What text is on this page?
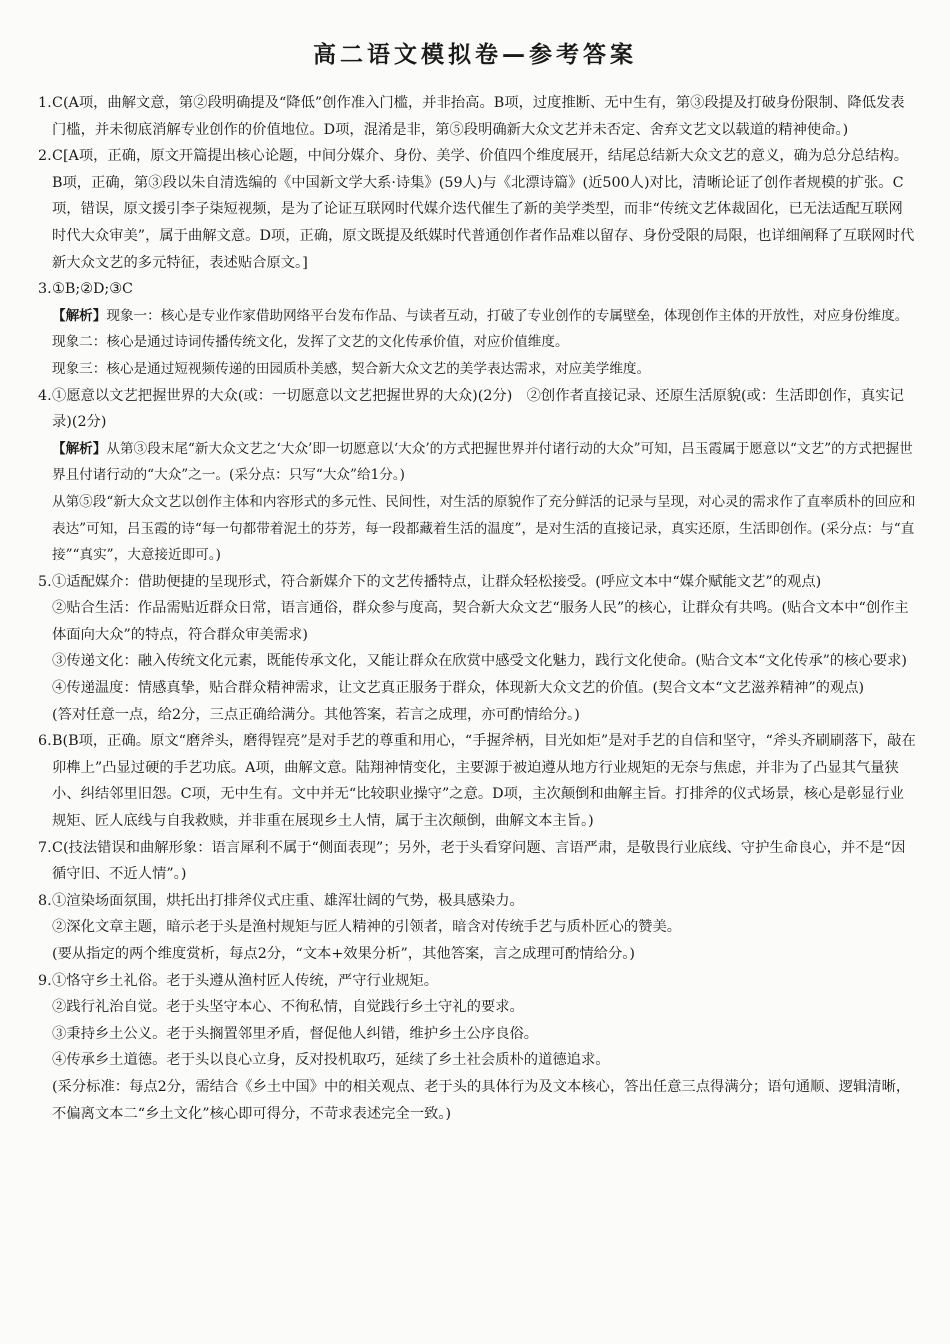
高二语文模拟卷—参考答案
1. C(A项，曲解文意，第②段明确提及“降低”创作准入门槛，并非抬高。B项，过度推断、无中生有，第③段提及打破身份限制、降低发表门槛，并未彻底消解专业创作的价值地位。D项，混淆是非，第⑤段明确新大众文艺并未否定、舍弃文艺文以载道的精神使命。)

2. C[A项，正确，原文开篇提出核心论题，中间分媒介、身份、美学、价值四个维度展开，结尾总结新大众文艺的意义，确为总分总结构。B项，正确，第③段以朱自清选编的《中国新文学大系·诗集》(59人)与《北漂诗篇》(近500人)对比，清晰论证了创作者规模的扩张。C项，错误，原文援引李子柒短视频，是为了论证互联网时代媒介迭代催生了新的美学类型，而非“传统文艺体裁固化，已无法适配互联网时代大众审美”，属于曲解文意。D项，正确，原文既提及纸媒时代普通创作者作品难以留存、身份受限的局限，也详细阐释了互联网时代新大众文艺的多元特征，表述贴合原文。]

3. ①B;②D;③C

【解析】现象一：核心是专业作家借助网络平台发布作品、与读者互动，打破了专业创作的专属壁垒，体现创作主体的开放性，对应身份维度。

现象二：核心是通过诗词传播传统文化，发挥了文艺的文化传承价值，对应价值维度。

现象三：核心是通过短视频传递的田园质朴美感，契合新大众文艺的美学表达需求，对应美学维度。

4. ①愿意以文艺把握世界的大众(或：一切愿意以文艺把握世界的大众)(2分)　②创作者直接记录、还原生活原貌(或：生活即创作，真实记录)(2分)

【解析】从第③段末尾“新大众文艺之‘大众’即一切愿意以‘大众’的方式把握世界并付诸行动的大众”可知，吕玉霞属于愿意以“文艺”的方式把握世界且付诸行动的“大众”之一。(采分点：只写“大众”给1分。)

从第⑤段“新大众文艺以创作主体和内容形式的多元性、民间性，对生活的原貌作了充分鲜活的记录与呈现，对心灵的需求作了直率质朴的回应和表达”可知，吕玉霞的诗“每一句都带着泥土的芬芳，每一段都藏着生活的温度”，是对生活的直接记录，真实还原，生活即创作。(采分点：与“直接”“真实”，大意接近即可。)

5. ①适配媒介：借助便捷的呈现形式，符合新媒介下的文艺传播特点，让群众轻松接受。(呼应文本中“媒介赋能文艺”的观点)

②贴合生活：作品需贴近群众日常，语言通俗，群众参与度高，契合新大众文艺“服务人民”的核心，让群众有共鸣。(贴合文本中“创作主体面向大众”的特点，符合群众审美需求)

③传递文化：融入传统文化元素，既能传承文化，又能让群众在欣赏中感受文化魅力，践行文化使命。(贴合文本“文化传承”的核心要求)

④传递温度：情感真挚，贴合群众精神需求，让文艺真正服务于群众，体现新大众文艺的价值。(契合文本“文艺滋养精神”的观点)

(答对任意一点，给2分，三点正确给满分。其他答案，若言之成理，亦可酌情给分。)

6. B(B项，正确。原文“磨斧头，磨得锃亮”是对手艺的尊重和用心，“手握斧柄，目光如炬”是对手艺的自信和坚守，“斧头齐刷刷落下，敲在卯榫上”凸显过硬的手艺功底。A项，曲解文意。陆翔神情变化，主要源于被迫遵从地方行业规矩的无奈与焦虑，并非为了凸显其气量狭小、纠结邻里旧怨。C项，无中生有。文中并无“比较职业操守”之意。D项，主次颠倒和曲解主旨。打排斧的仪式场景，核心是彰显行业规矩、匠人底线与自我救赎，并非重在展现乡土人情，属于主次颠倒，曲解文本主旨。)

7. C(技法错误和曲解形象：语言犀利不属于“侧面表现”；另外，老于头看穿问题、言语严肃，是敬畏行业底线、守护生命良心，并不是“因循守旧、不近人情”。)

8. ①渲染场面氛围，烘托出打排斧仪式庄重、雄浑壮阔的气势，极具感染力。

②深化文章主题，暗示老于头是渔村规矩与匠人精神的引领者，暗含对传统手艺与质朴匠心的赞美。

(要从指定的两个维度赏析，每点2分，“文本+效果分析”，其他答案，言之成理可酌情给分。)

9. ①恪守乡土礼俗。老于头遵从渔村匠人传统，严守行业规矩。

②践行礼治自觉。老于头坚守本心、不徇私情，自觉践行乡土守礼的要求。

③秉持乡土公义。老于头搁置邻里矛盾，督促他人纠错，维护乡土公序良俗。

④传承乡土道德。老于头以良心立身，反对投机取巧，延续了乡土社会质朴的道德追求。

(采分标准：每点2分，需结合《乡土中国》中的相关观点、老于头的具体行为及文本核心，答出任意三点得满分；语句通顺、逻辑清晰，不偏离文本二“乡土文化”核心即可得分，不苛求表述完全一致。)
